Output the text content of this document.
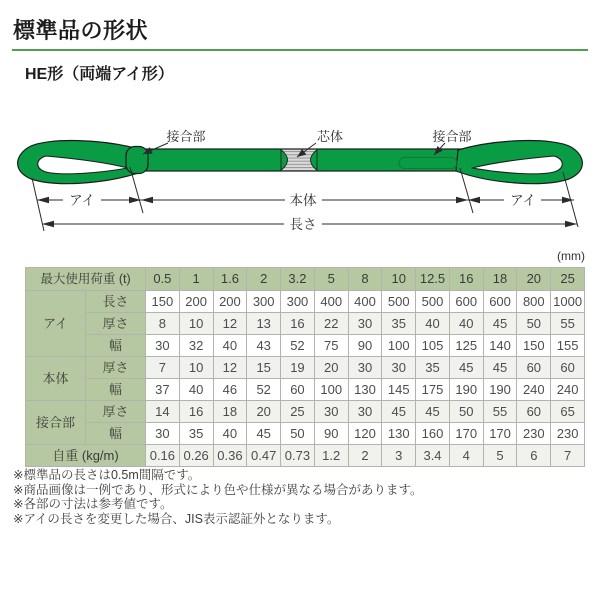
標準品の形状
HE形（両端アイ形）
接合部	芯体	接合部
アイ	本体	アイ
長さ
(mm)
最大使用荷重 (t)		0.5	1	1.6	2	3.2	5	8	10	12.5	16	18	20	25
アイ	長さ	150	200	200	300	300	400	400	500	500	600	600	800	1000
	厚さ	8	10	12	13	16	22	30	35	40	40	45	50	55
	幅	30	32	40	43	52	75	90	100	105	125	140	150	155
本体	厚さ	7	10	12	15	19	20	30	30	35	45	45	60	60
	幅	37	40	46	52	60	100	130	145	175	190	190	240	240
接合部	厚さ	14	16	18	20	25	30	30	45	45	50	55	60	65
	幅	30	35	40	45	50	90	120	130	160	170	170	230	230
自重 (kg/m)		0.16	0.26	0.36	0.47	0.73	1.2	2	3	3.4	4	5	6	7
※標準品の長さは0.5m間隔です。
※商品画像は一例であり、形式により色や仕様が異なる場合があります。
※各部の寸法は参考値です。
※アイの長さを変更した場合、JIS表示認証外となります。
